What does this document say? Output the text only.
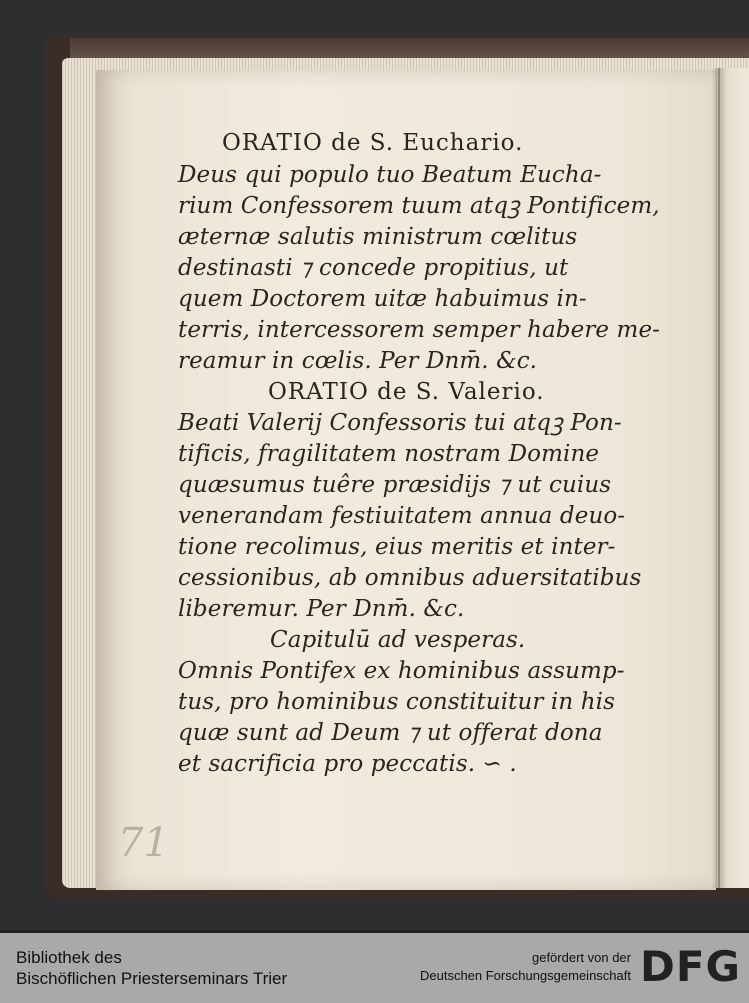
ORATIO de S. Euchario.
Deus qui populo tuo Beatum Eucha-
rium Confessorem tuum atqꝫ Pontificem,
æternæ salutis ministrum cœlitus
destinasti ⁊ concede propitius, ut
quem Doctorem uitæ habuimus in-
terris, intercessorem semper habere me-
reamur in cœlis. Per Dnm̄. &c.
ORATIO de S. Valerio.
Beati Valerij Confessoris tui atqꝫ Pon-
tificis, fragilitatem nostram Domine
quæsumus tuêre præsidijs ⁊ ut cuius
venerandam festiuitatem annua deuo-
tione recolimus, eius meritis et inter-
cessionibus, ab omnibus aduersitatibus
liberemur. Per Dnm̄. &c.
Capitulū ad vesperas.
Omnis Pontifex ex hominibus assump-
tus, pro hominibus constituitur in his
quæ sunt ad Deum ⁊ ut offerat dona
et sacrificia pro peccatis. ∽ .
71
Bibliothek des
Bischöflichen Priesterseminars Trier
gefördert von der
Deutschen Forschungsgemeinschaft DFG
